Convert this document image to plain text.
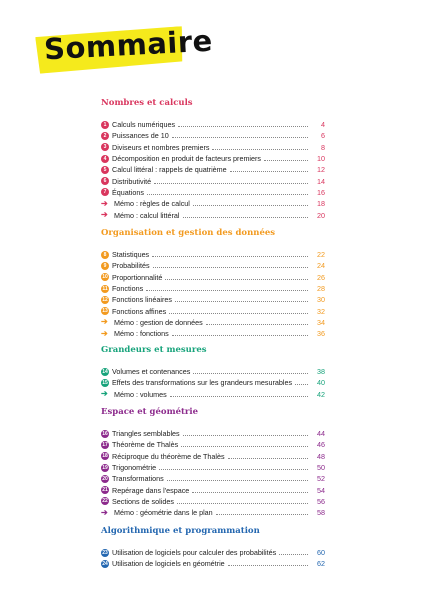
Sommaire
Nombres et calculs
1 Calculs numériques	4
2 Puissances de 10	6
3 Diviseurs et nombres premiers	8
4 Décomposition en produit de facteurs premiers	10
5 Calcul littéral : rappels de quatrième	12
6 Distributivité	14
7 Équations	16
➔ Mémo : règles de calcul	18
➔ Mémo : calcul littéral	20
Organisation et gestion des données
8 Statistiques	22
9 Probabilités	24
10 Proportionnalité	26
11 Fonctions	28
12 Fonctions linéaires	30
13 Fonctions affines	32
➔ Mémo : gestion de données	34
➔ Mémo : fonctions	36
Grandeurs et mesures
14 Volumes et contenances	38
15 Effets des transformations sur les grandeurs mesurables	40
➔ Mémo : volumes	42
Espace et géométrie
16 Triangles semblables	44
17 Théorème de Thalès	46
18 Réciproque du théorème de Thalès	48
19 Trigonométrie	50
20 Transformations	52
21 Repérage dans l'espace	54
22 Sections de solides	56
➔ Mémo : géométrie dans le plan	58
Algorithmique et programmation
23 Utilisation de logiciels pour calculer des probabilités	60
24 Utilisation de logiciels en géométrie	62
